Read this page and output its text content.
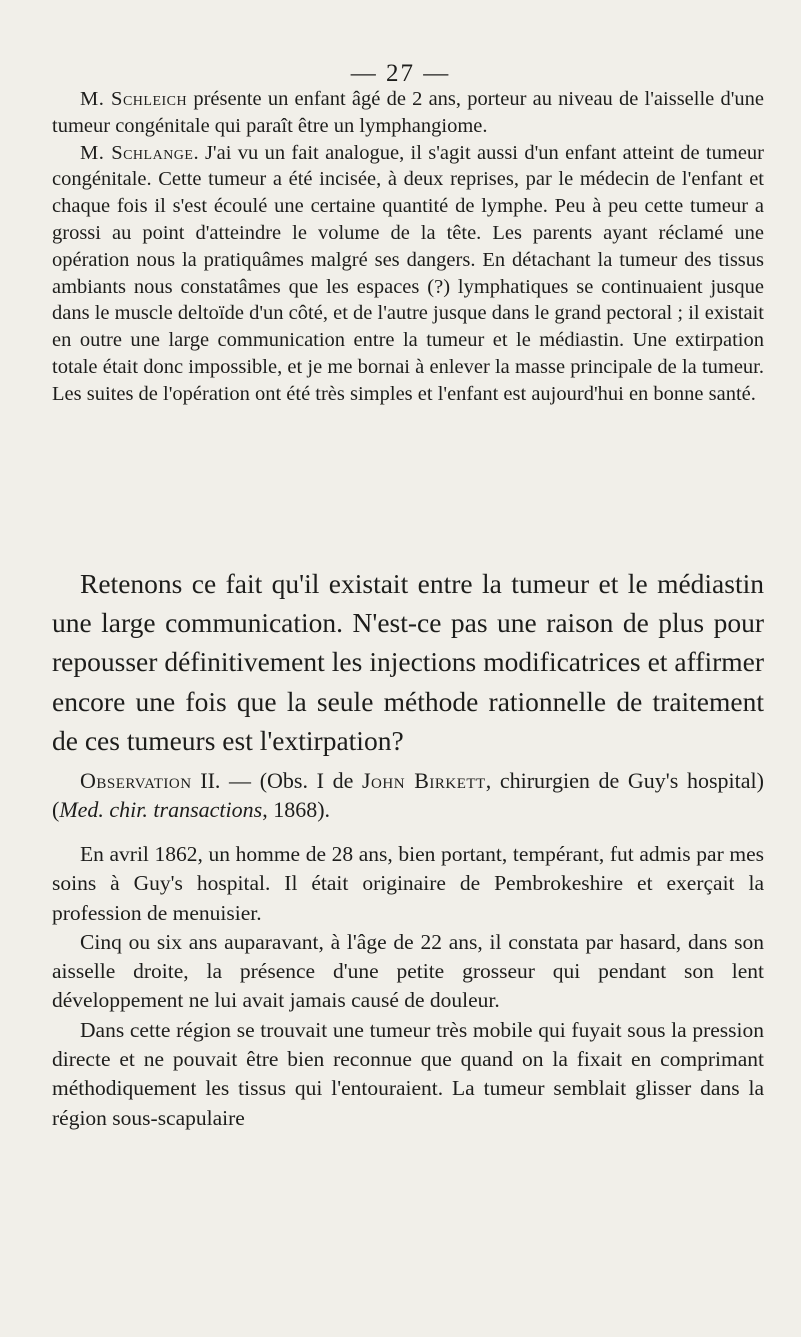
— 27 —

M. Schleich présente un enfant âgé de 2 ans, porteur au niveau de l'aisselle d'une tumeur congénitale qui paraît être un lymphangiome.

M. Schlange. J'ai vu un fait analogue, il s'agit aussi d'un enfant atteint de tumeur congénitale. Cette tumeur a été incisée, à deux reprises, par le médecin de l'enfant et chaque fois il s'est écoulé une certaine quantité de lymphe. Peu à peu cette tumeur a grossi au point d'atteindre le volume de la tête. Les parents ayant réclamé une opération nous la pratiquâmes malgré ses dangers. En détachant la tumeur des tissus ambiants nous constatâmes que les espaces (?) lymphatiques se continuaient jusque dans le muscle deltoïde d'un côté, et de l'autre jusque dans le grand pectoral ; il existait en outre une large communication entre la tumeur et le médiastin. Une extirpation totale était donc impossible, et je me bornai à enlever la masse principale de la tumeur. Les suites de l'opération ont été très simples et l'enfant est aujourd'hui en bonne santé.

Retenons ce fait qu'il existait entre la tumeur et le médiastin une large communication. N'est-ce pas une raison de plus pour repousser définitivement les injections modificatrices et affirmer encore une fois que la seule méthode rationnelle de traitement de ces tumeurs est l'extirpation?

Observation II. — (Obs. I de John Birkett, chirurgien de Guy's hospital) (Med. chir. transactions, 1868).

En avril 1862, un homme de 28 ans, bien portant, tempérant, fut admis par mes soins à Guy's hospital. Il était originaire de Pembrokeshire et exerçait la profession de menuisier.

Cinq ou six ans auparavant, à l'âge de 22 ans, il constata par hasard, dans son aisselle droite, la présence d'une petite grosseur qui pendant son lent développement ne lui avait jamais causé de douleur.

Dans cette région se trouvait une tumeur très mobile qui fuyait sous la pression directe et ne pouvait être bien reconnue que quand on la fixait en comprimant méthodiquement les tissus qui l'entouraient. La tumeur semblait glisser dans la région sous-scapulaire
